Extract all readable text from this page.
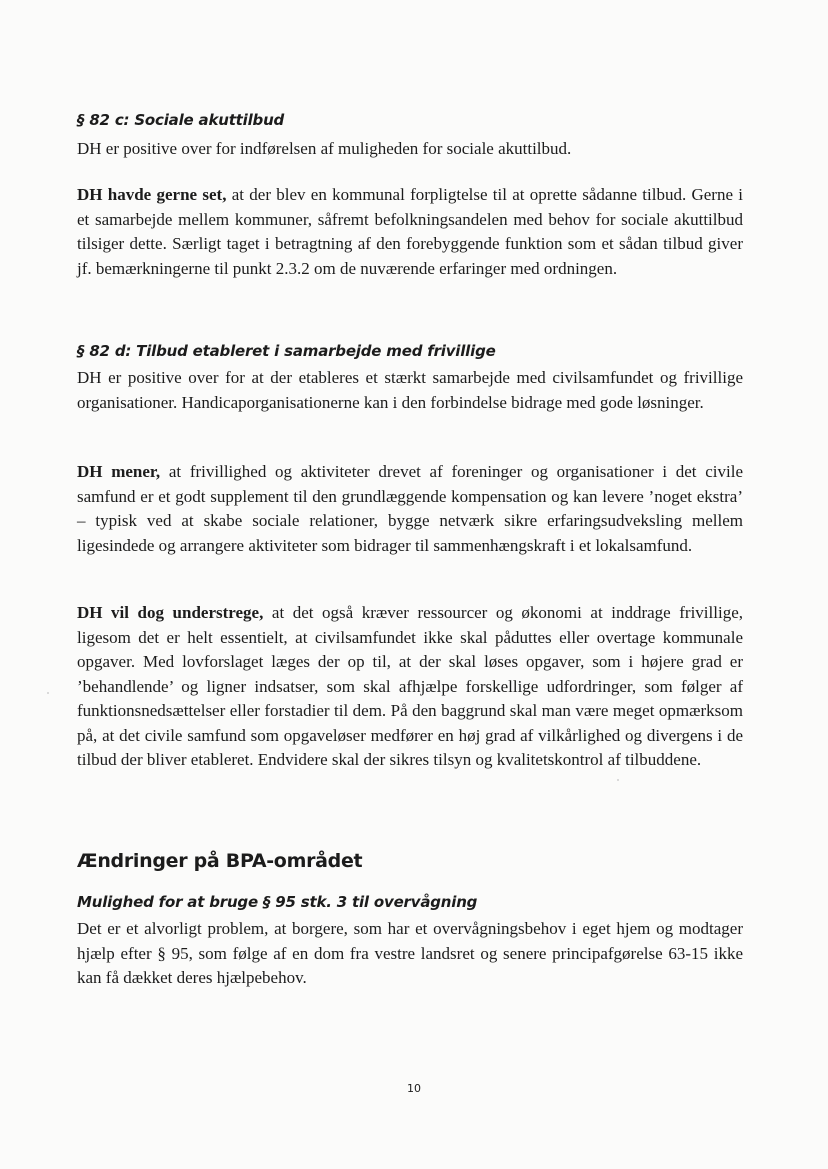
§ 82 c: Sociale akuttilbud

DH er positive over for indførelsen af muligheden for sociale akuttilbud.

DH havde gerne set, at der blev en kommunal forpligtelse til at oprette sådanne tilbud. Gerne i et samarbejde mellem kommuner, såfremt befolkningsandelen med behov for sociale akuttilbud tilsiger dette. Særligt taget i betragtning af den forebyggende funktion som et sådan tilbud giver jf. bemærkningerne til punkt 2.3.2 om de nuværende erfaringer med ordningen.

§ 82 d: Tilbud etableret i samarbejde med frivillige

DH er positive over for at der etableres et stærkt samarbejde med civilsamfundet og frivillige organisationer. Handicaporganisationerne kan i den forbindelse bidrage med gode løsninger.

DH mener, at frivillighed og aktiviteter drevet af foreninger og organisationer i det civile samfund er et godt supplement til den grundlæggende kompensation og kan levere ’noget ekstra’ – typisk ved at skabe sociale relationer, bygge netværk sikre erfaringsudveksling mellem ligesindede og arrangere aktiviteter som bidrager til sammenhængskraft i et lokalsamfund.

DH vil dog understrege, at det også kræver ressourcer og økonomi at inddrage frivillige, ligesom det er helt essentielt, at civilsamfundet ikke skal påduttes eller overtage kommunale opgaver. Med lovforslaget læges der op til, at der skal løses opgaver, som i højere grad er ’behandlende’ og ligner indsatser, som skal afhjælpe forskellige udfordringer, som følger af funktionsnedsættelser eller forstadier til dem. På den baggrund skal man være meget opmærksom på, at det civile samfund som opgaveløser medfører en høj grad af vilkårlighed og divergens i de tilbud der bliver etableret. Endvidere skal der sikres tilsyn og kvalitetskontrol af tilbuddene.

Ændringer på BPA-området
Mulighed for at bruge § 95 stk. 3 til overvågning

Det er et alvorligt problem, at borgere, som har et overvågningsbehov i eget hjem og modtager hjælp efter § 95, som følge af en dom fra vestre landsret og senere principafgørelse 63-15 ikke kan få dækket deres hjælpebehov.

10
